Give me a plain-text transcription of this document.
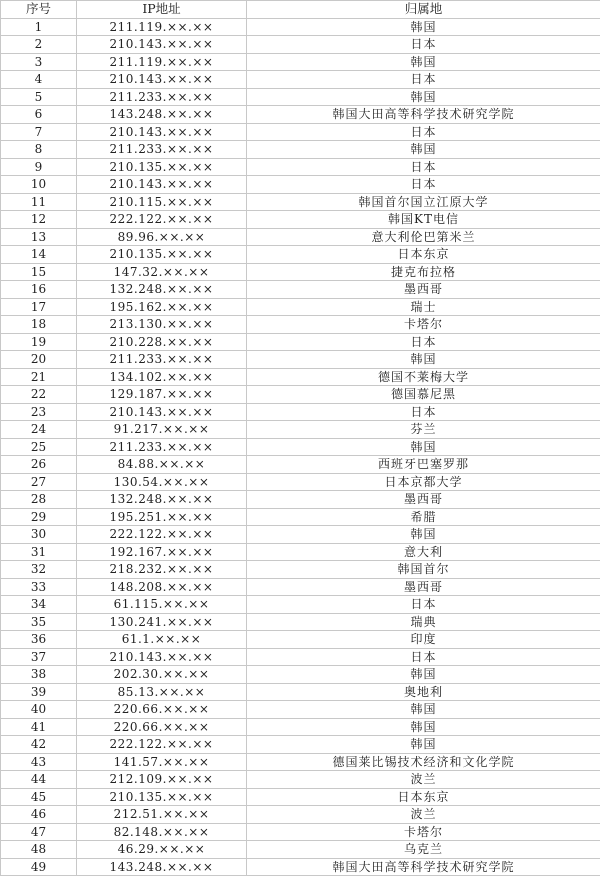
序号	IP地址	归属地
1	211.119.××.××	韩国
2	210.143.××.××	日本
3	211.119.××.××	韩国
4	210.143.××.××	日本
5	211.233.××.××	韩国
6	143.248.××.××	韩国大田高等科学技术研究学院
7	210.143.××.××	日本
8	211.233.××.××	韩国
9	210.135.××.××	日本
10	210.143.××.××	日本
11	210.115.××.××	韩国首尔国立江原大学
12	222.122.××.××	韩国KT电信
13	89.96.××.××	意大利伦巴第米兰
14	210.135.××.××	日本东京
15	147.32.××.××	捷克布拉格
16	132.248.××.××	墨西哥
17	195.162.××.××	瑞士
18	213.130.××.××	卡塔尔
19	210.228.××.××	日本
20	211.233.××.××	韩国
21	134.102.××.××	德国不莱梅大学
22	129.187.××.××	德国慕尼黑
23	210.143.××.××	日本
24	91.217.××.××	芬兰
25	211.233.××.××	韩国
26	84.88.××.××	西班牙巴塞罗那
27	130.54.××.××	日本京都大学
28	132.248.××.××	墨西哥
29	195.251.××.××	希腊
30	222.122.××.××	韩国
31	192.167.××.××	意大利
32	218.232.××.××	韩国首尔
33	148.208.××.××	墨西哥
34	61.115.××.××	日本
35	130.241.××.××	瑞典
36	61.1.××.××	印度
37	210.143.××.××	日本
38	202.30.××.××	韩国
39	85.13.××.××	奥地利
40	220.66.××.××	韩国
41	220.66.××.××	韩国
42	222.122.××.××	韩国
43	141.57.××.××	德国莱比锡技术经济和文化学院
44	212.109.××.××	波兰
45	210.135.××.××	日本东京
46	212.51.××.××	波兰
47	82.148.××.××	卡塔尔
48	46.29.××.××	乌克兰
49	143.248.××.××	韩国大田高等科学技术研究学院
